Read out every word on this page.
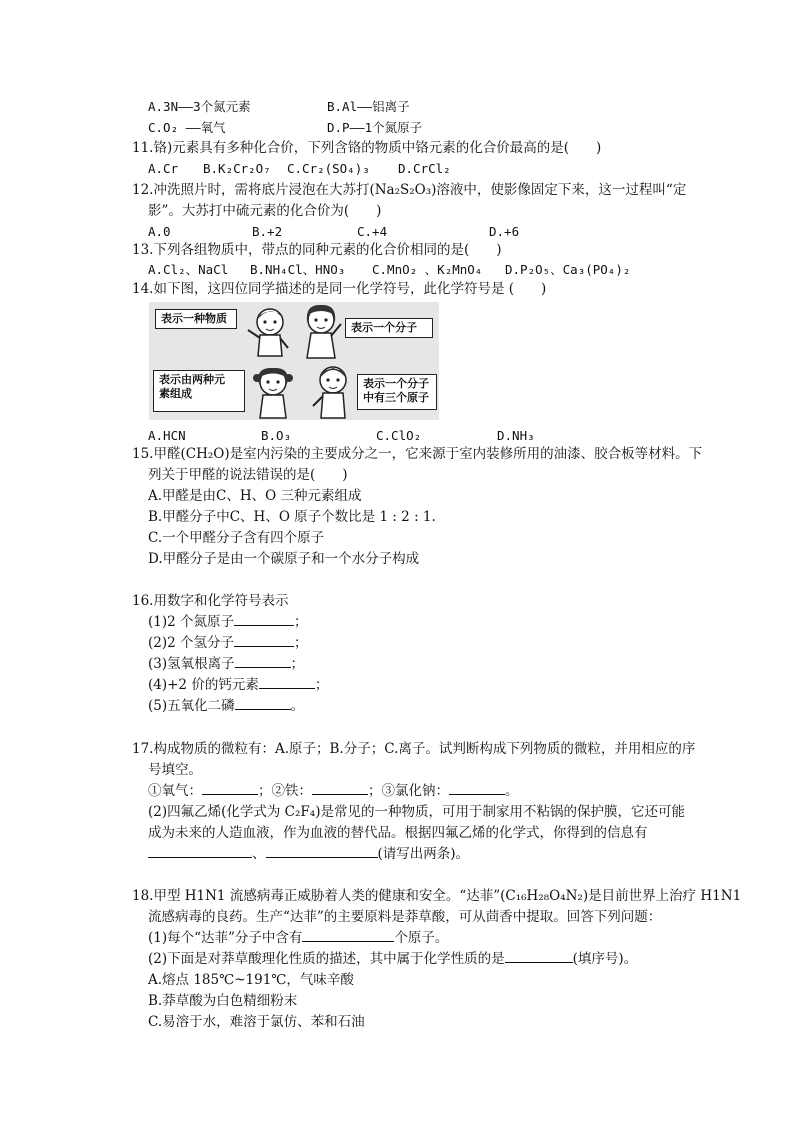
A.3N——3个氮元素	B.Al——铝离子
C.O₂ ——氧气	D.P——1个氮原子
11.铬)元素具有多种化合价，下列含铬的物质中铬元素的化合价最高的是(　　)
A.Cr B.K₂Cr₂O₇ C.Cr₂(SO₄)₃ D.CrCl₂
12.冲洗照片时，需将底片浸泡在大苏打(Na₂S₂O₃)溶液中，使影像固定下来，这一过程叫“定
影”。大苏打中硫元素的化合价为(　　)
A.0	B.+2	C.+4	D.+6
13.下列各组物质中，带点的同种元素的化合价相同的是(　　)
A.Cl₂、NaCl B.NH₄Cl、HNO₃ C.MnO₂ 、K₂MnO₄ D.P₂O₅、Ca₃(PO₄)₂
14.如下图，这四位同学描述的是同一化学符号，此化学符号是 (　　)
表示一种物质
表示一个分子
表示由两种元
素组成
表示一个分子
中有三个原子
A.HCN	B.O₃	C.ClO₂	D.NH₃
15.甲醛(CH₂O)是室内污染的主要成分之一，它来源于室内装修所用的油漆、胶合板等材料。下
列关于甲醛的说法错误的是(　　)
A.甲醛是由C、H、O 三种元素组成
B.甲醛分子中C、H、O 原子个数比是 1 : 2 : 1.
C.一个甲醛分子含有四个原子
D.甲醛分子是由一个碳原子和一个水分子构成
16.用数字和化学符号表示
(1)2 个氮原子	；
(2)2 个氢分子	；
(3)氢氧根离子	；
(4)+2 价的钙元素	；
(5)五氧化二磷	。
17.构成物质的微粒有：A.原子；B.分子；C.离子。试判断构成下列物质的微粒，并用相应的序
号填空。
①氧气：	；②铁：	；③氯化钠：	。
(2)四氟乙烯(化学式为 C₂F₄)是常见的一种物质，可用于制家用不粘锅的保护膜，它还可能
成为未来的人造血液，作为血液的替代品。根据四氟乙烯的化学式，你得到的信息有
、	(请写出两条)。
18.甲型 H1N1 流感病毒正威胁着人类的健康和安全。“达菲”(C₁₆H₂₈O₄N₂)是目前世界上治疗 H1N1
流感病毒的良药。生产“达菲”的主要原料是莽草酸，可从茴香中提取。回答下列问题：
(1)每个“达菲”分子中含有	个原子。
(2)下面是对莽草酸理化性质的描述，其中属于化学性质的是	(填序号)。
A.熔点 185℃~191℃，气味辛酸
B.莽草酸为白色精细粉末
C.易溶于水，难溶于氯仿、苯和石油
